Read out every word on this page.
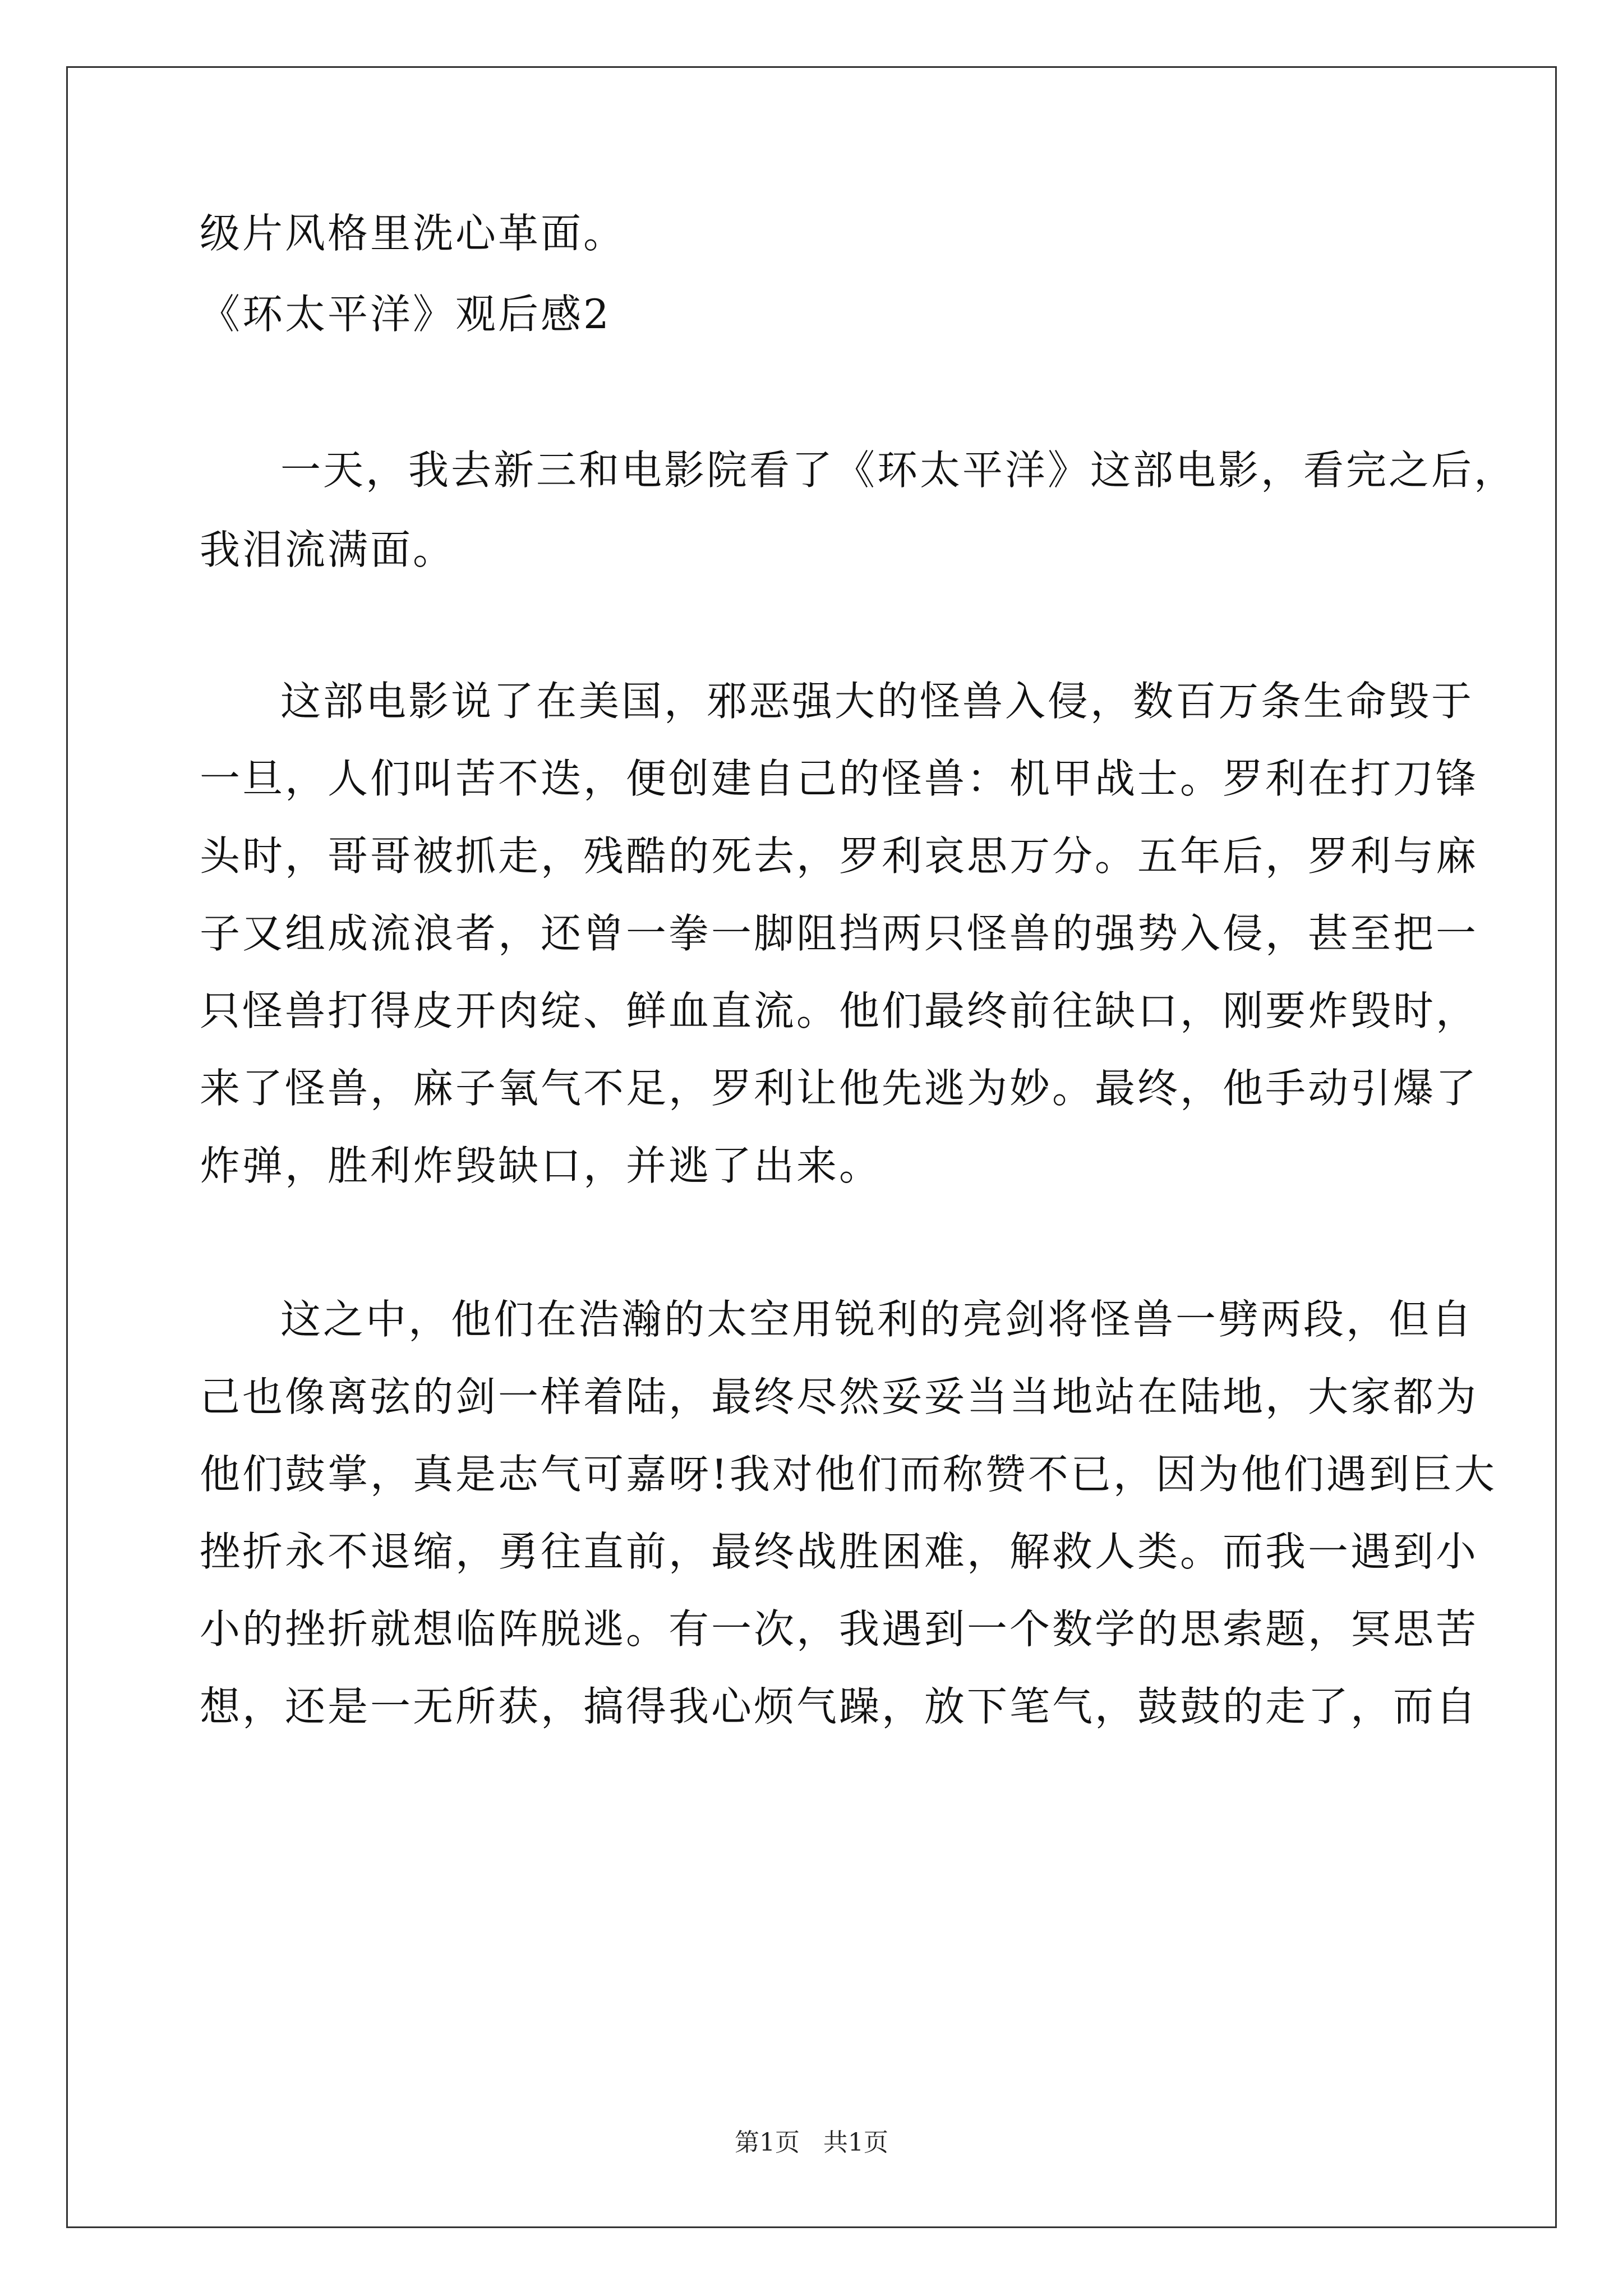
级片风格里洗心革面。
《环太平洋》观后感2
一天，我去新三和电影院看了《环太平洋》这部电影，看完之后，
我泪流满面。
这部电影说了在美国，邪恶强大的怪兽入侵，数百万条生命毁于
一旦，人们叫苦不迭，便创建自己的怪兽：机甲战士。罗利在打刀锋
头时，哥哥被抓走，残酷的死去，罗利哀思万分。五年后，罗利与麻
子又组成流浪者，还曾一拳一脚阻挡两只怪兽的强势入侵，甚至把一
只怪兽打得皮开肉绽、鲜血直流。他们最终前往缺口，刚要炸毁时，
来了怪兽，麻子氧气不足，罗利让他先逃为妙。最终，他手动引爆了
炸弹，胜利炸毁缺口，并逃了出来。
这之中，他们在浩瀚的太空用锐利的亮剑将怪兽一劈两段，但自
己也像离弦的剑一样着陆，最终尽然妥妥当当地站在陆地，大家都为
他们鼓掌，真是志气可嘉呀!我对他们而称赞不已，因为他们遇到巨大
挫折永不退缩，勇往直前，最终战胜困难，解救人类。而我一遇到小
小的挫折就想临阵脱逃。有一次，我遇到一个数学的思索题，冥思苦
想，还是一无所获，搞得我心烦气躁，放下笔气，鼓鼓的走了，而自
第1页   共1页
